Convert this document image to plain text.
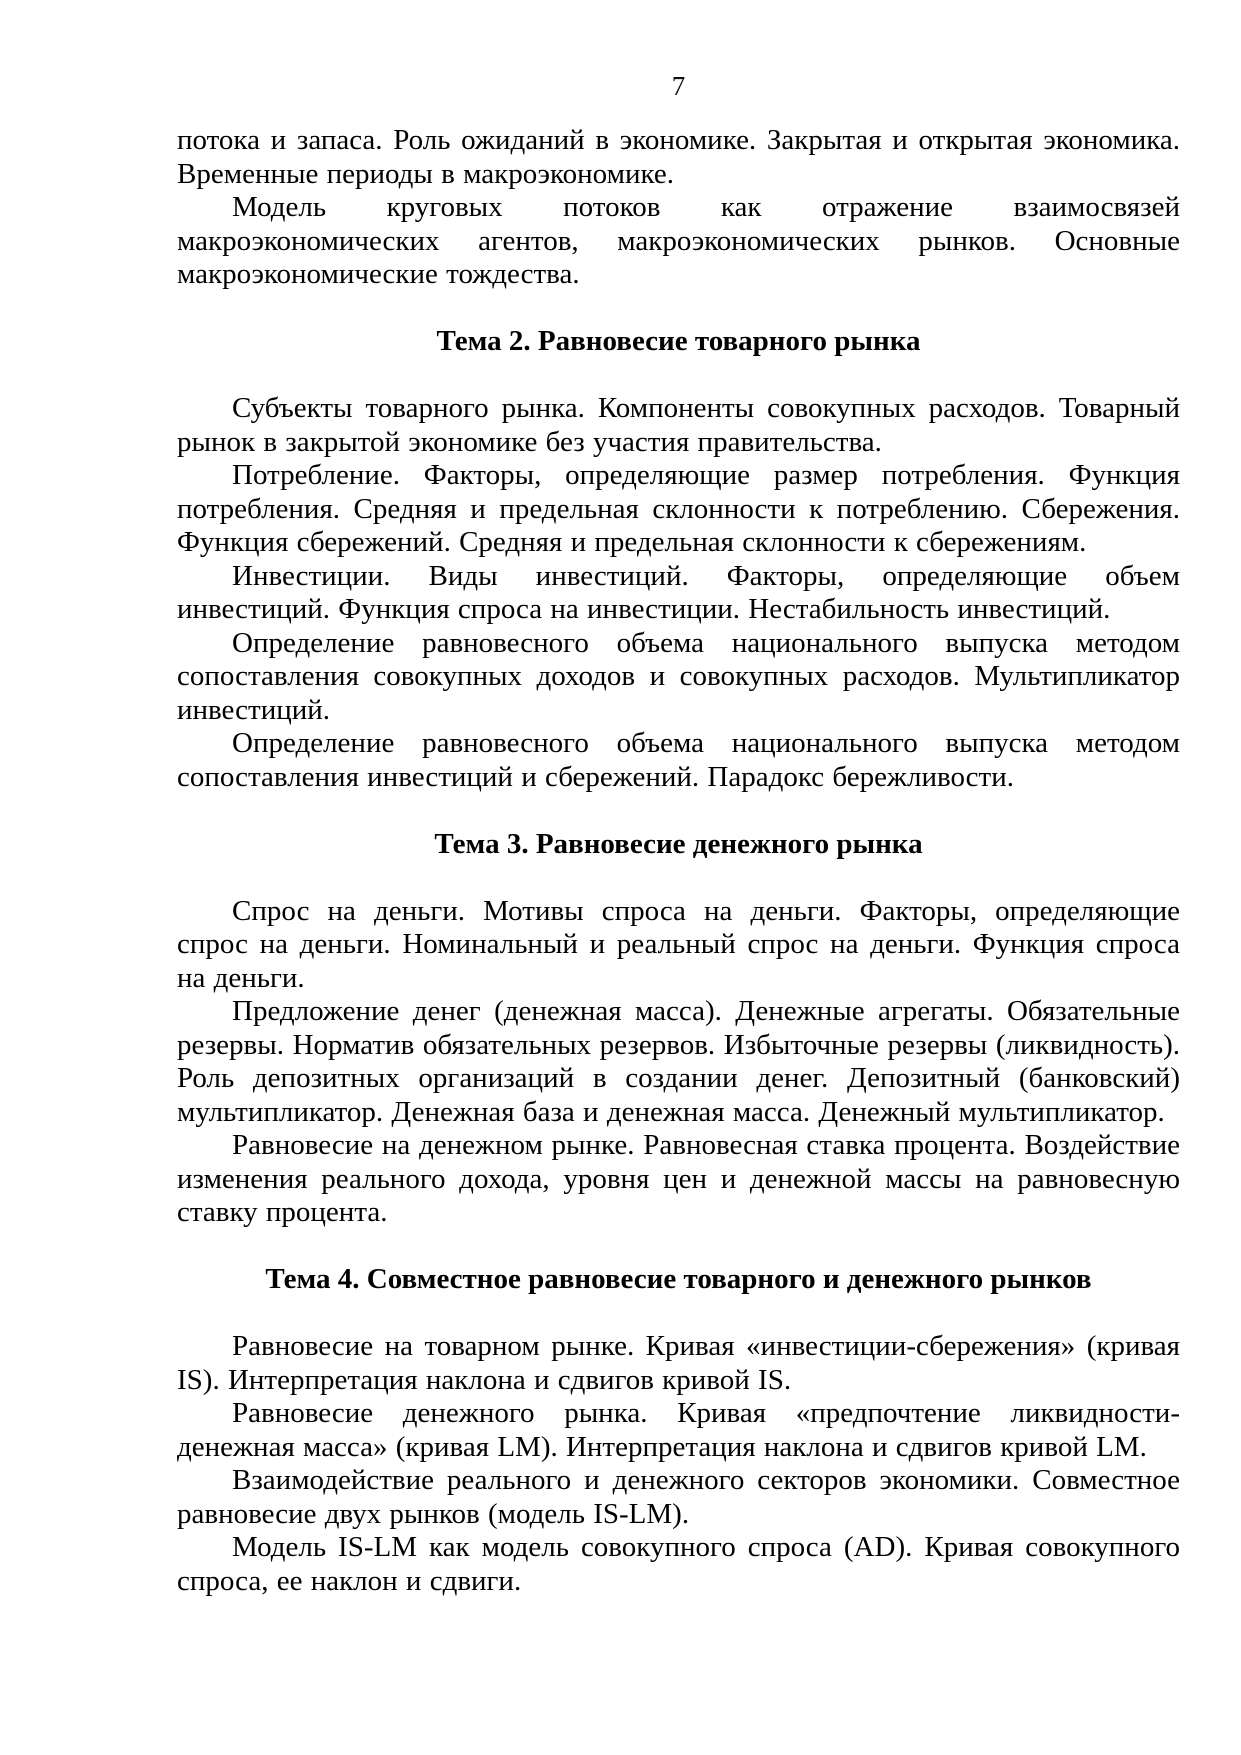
7

потока и запаса. Роль ожиданий в экономике. Закрытая и открытая экономика. Временные периоды в макроэкономике.

Модель круговых потоков как отражение взаимосвязей макроэкономических агентов, макроэкономических рынков. Основные макроэкономические тождества.

Тема 2. Равновесие товарного рынка

Субъекты товарного рынка. Компоненты совокупных расходов. Товарный рынок в закрытой экономике без участия правительства.

Потребление. Факторы, определяющие размер потребления. Функция потребления. Средняя и предельная склонности к потреблению. Сбережения. Функция сбережений. Средняя и предельная склонности к сбережениям.

Инвестиции. Виды инвестиций. Факторы, определяющие объем инвестиций. Функция спроса на инвестиции. Нестабильность инвестиций.

Определение равновесного объема национального выпуска методом сопоставления совокупных доходов и совокупных расходов. Мультипликатор инвестиций.

Определение равновесного объема национального выпуска методом сопоставления инвестиций и сбережений. Парадокс бережливости.

Тема 3. Равновесие денежного рынка

Спрос на деньги. Мотивы спроса на деньги. Факторы, определяющие спрос на деньги. Номинальный и реальный спрос на деньги. Функция спроса на деньги.

Предложение денег (денежная масса). Денежные агрегаты. Обязательные резервы. Норматив обязательных резервов. Избыточные резервы (ликвидность). Роль депозитных организаций в создании денег. Депозитный (банковский) мультипликатор. Денежная база и денежная масса. Денежный мультипликатор.

Равновесие на денежном рынке. Равновесная ставка процента. Воздействие изменения реального дохода, уровня цен и денежной массы на равновесную ставку процента.

Тема 4. Совместное равновесие товарного и денежного рынков

Равновесие на товарном рынке. Кривая «инвестиции-сбережения» (кривая IS). Интерпретация наклона и сдвигов кривой IS.

Равновесие денежного рынка. Кривая «предпочтение ликвидности-денежная масса» (кривая LM). Интерпретация наклона и сдвигов кривой LM.

Взаимодействие реального и денежного секторов экономики. Совместное равновесие двух рынков (модель IS-LM).

Модель IS-LM как модель совокупного спроса (AD). Кривая совокупного спроса, ее наклон и сдвиги.
